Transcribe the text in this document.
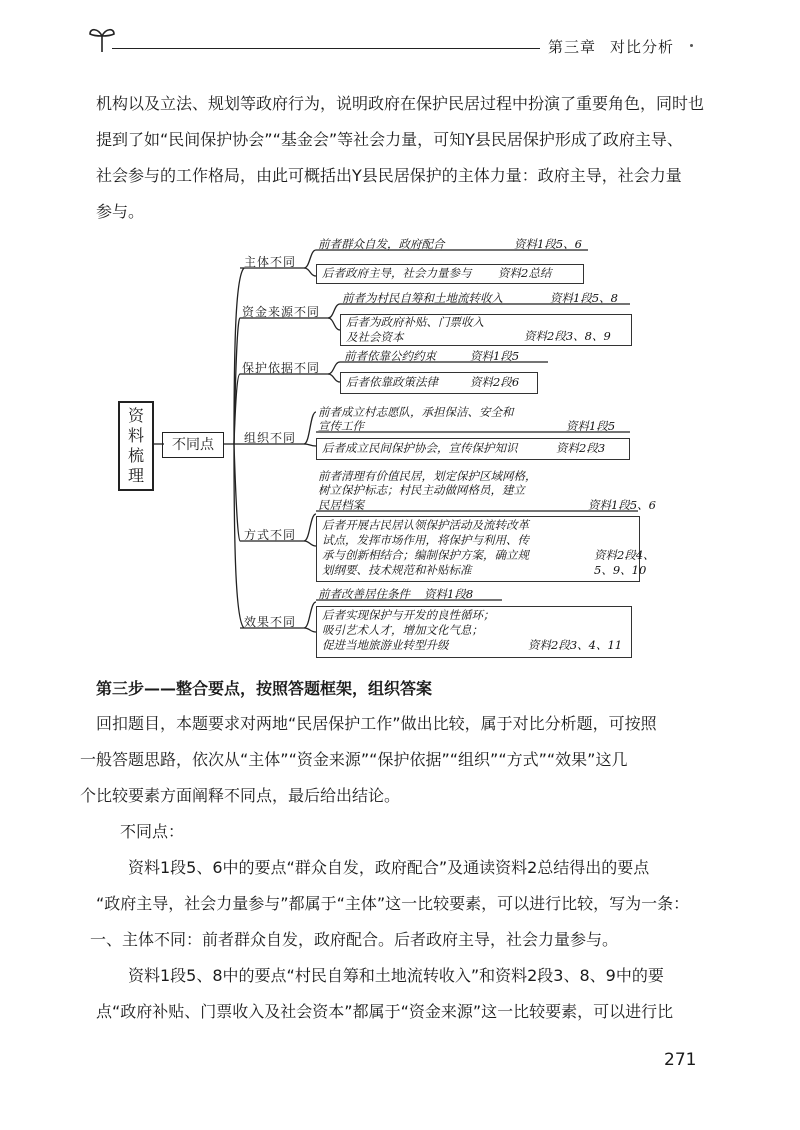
第三章 对比分析

机构以及立法、规划等政府行为，说明政府在保护民居过程中扮演了重要角色，同时也

提到了如“民间保护协会”“基金会”等社会力量，可知Y县民居保护形成了政府主导、

社会参与的工作格局，由此可概括出Y县民居保护的主体力量：政府主导，社会力量

参与。

资
料
梳
理
不同点
主体不同
资金来源不同
保护依据不同
组织不同
方式不同
效果不同
前者群众自发，政府配合	资料1段5、6
后者政府主导，社会力量参与 资料2总结
前者为村民自筹和土地流转收入	资料1段5、8
后者为政府补贴、门票收入
及社会资本	资料2段3、8、9
前者依靠公约约束	资料1段5
后者依靠政策法律	资料2段6
前者成立村志愿队，承担保洁、安全和
宣传工作	资料1段5
后者成立民间保护协会，宣传保护知识	资料2段3
前者清理有价值民居，划定保护区域网格，
树立保护标志；村民主动做网格员，建立
民居档案	资料1段5、6
后者开展古民居认领保护活动及流转改革
试点，发挥市场作用，将保护与利用、传
承与创新相结合；编制保护方案，确立规
划纲要、技术规范和补贴标准
资料2段4、
5、9、10
前者改善居住条件 资料1段8
后者实现保护与开发的良性循环；
吸引艺术人才，增加文化气息；
促进当地旅游业转型升级	资料2段3、4、11
第三步——整合要点，按照答题框架，组织答案

回扣题目，本题要求对两地“民居保护工作”做出比较，属于对比分析题，可按照

一般答题思路，依次从“主体”“资金来源”“保护依据”“组织”“方式”“效果”这几

个比较要素方面阐释不同点，最后给出结论。

不同点：

资料1段5、6中的要点“群众自发，政府配合”及通读资料2总结得出的要点

“政府主导，社会力量参与”都属于“主体”这一比较要素，可以进行比较，写为一条：

一、主体不同：前者群众自发，政府配合。后者政府主导，社会力量参与。

资料1段5、8中的要点“村民自筹和土地流转收入”和资料2段3、8、9中的要

点“政府补贴、门票收入及社会资本”都属于“资金来源”这一比较要素，可以进行比

271
